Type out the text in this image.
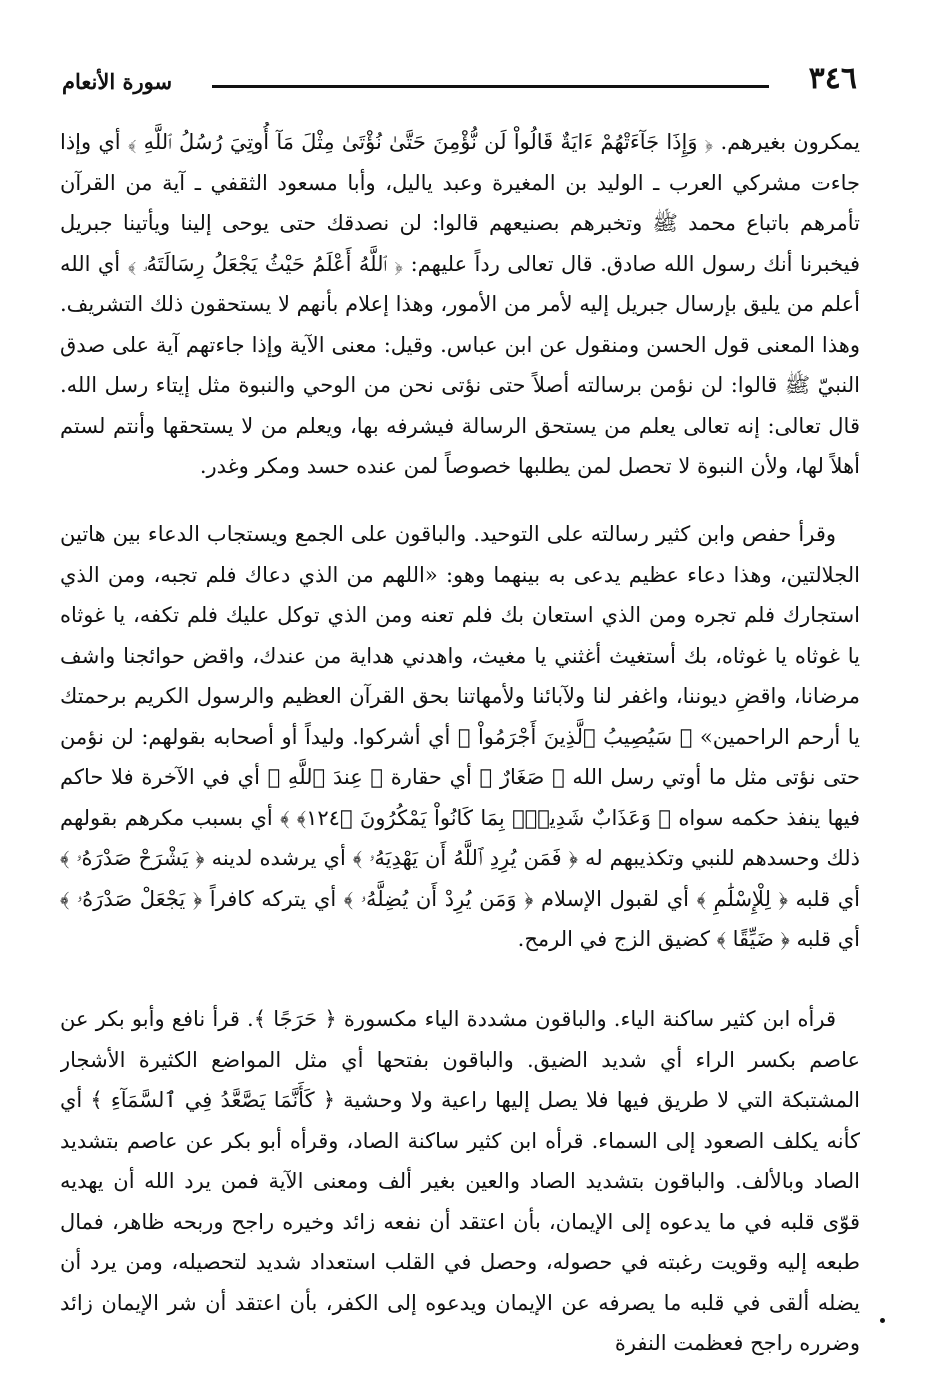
٣٤٦
سورة الأنعام

يمكرون بغيرهم. ﴿ وَإِذَا جَآءَتْهُمْ ءَايَةٌ قَالُواْ لَن نُّؤْمِنَ حَتَّىٰ نُؤْتَىٰ مِثْلَ مَآ أُوتِيَ رُسُلُ ٱللَّهِ ﴾ أي وإذا جاءت مشركي العرب ـ الوليد بن المغيرة وعبد ياليل، وأبا مسعود الثقفي ـ آية من القرآن تأمرهم باتباع محمد ﷺ وتخبرهم بصنيعهم قالوا: لن نصدقك حتى يوحى إلينا ويأتينا جبريل فيخبرنا أنك رسول الله صادق. قال تعالى رداً عليهم: ﴿ ٱللَّهُ أَعْلَمُ حَيْثُ يَجْعَلُ رِسَالَتَهُۥ ﴾ أي الله أعلم من يليق بإرسال جبريل إليه لأمر من الأمور، وهذا إعلام بأنهم لا يستحقون ذلك التشريف. وهذا المعنى قول الحسن ومنقول عن ابن عباس. وقيل: معنى الآية وإذا جاءتهم آية على صدق النبيّ ﷺ قالوا: لن نؤمن برسالته أصلاً حتى نؤتى نحن من الوحي والنبوة مثل إيتاء رسل الله. قال تعالى: إنه تعالى يعلم من يستحق الرسالة فيشرفه بها، ويعلم من لا يستحقها وأنتم لستم أهلاً لها، ولأن النبوة لا تحصل لمن يطلبها خصوصاً لمن عنده حسد ومكر وغدر.

وقرأ حفص وابن كثير رسالته على التوحيد. والباقون على الجمع ويستجاب الدعاء بين هاتين الجلالتين، وهذا دعاء عظيم يدعى به بينهما وهو: «اللهم من الذي دعاك فلم تجبه، ومن الذي استجارك فلم تجره ومن الذي استعان بك فلم تعنه ومن الذي توكل عليك فلم تكفه، يا غوثاه يا غوثاه يا غوثاه، بك أستغيث أغثني يا مغيث، واهدني هداية من عندك، واقض حوائجنا واشف مرضانا، واقضِ ديوننا، واغفر لنا ولآبائنا ولأمهاتنا بحق القرآن العظيم والرسول الكريم برحمتك يا أرحم الراحمين» ﴿ سَيُصِيبُ ٱلَّذِينَ أَجْرَمُواْ ﴾ أي أشركوا. وليداً أو أصحابه بقولهم: لن نؤمن حتى نؤتى مثل ما أوتي رسل الله ﴿ صَغَارٌ ﴾ أي حقارة ﴿ عِندَ ٱللَّهِ ﴾ أي في الآخرة فلا حاكم فيها ينفذ حكمه سواه ﴿ وَعَذَابٌ شَدِيدٌۢ بِمَا كَانُواْ يَمْكُرُونَ ﴿١٢٤﴾ ﴾ أي بسبب مكرهم بقولهم ذلك وحسدهم للنبي وتكذيبهم له ﴿ فَمَن يُرِدِ ٱللَّهُ أَن يَهْدِيَهُۥ ﴾ أي يرشده لدينه ﴿ يَشْرَحْ صَدْرَهُۥ ﴾ أي قلبه ﴿ لِلْإِسْلَٰمِ ﴾ أي لقبول الإسلام ﴿ وَمَن يُرِدْ أَن يُضِلَّهُۥ ﴾ أي يتركه كافراً ﴿ يَجْعَلْ صَدْرَهُۥ ﴾ أي قلبه ﴿ ضَيِّقًا ﴾ كضيق الزج في الرمح.

قرأه ابن كثير ساكنة الياء. والباقون مشددة الياء مكسورة ﴿ حَرَجًا ﴾. قرأ نافع وأبو بكر عن عاصم بكسر الراء أي شديد الضيق. والباقون بفتحها أي مثل المواضع الكثيرة الأشجار المشتبكة التي لا طريق فيها فلا يصل إليها راعية ولا وحشية ﴿ كَأَنَّمَا يَصَّعَّدُ فِي ٱلسَّمَآءِ ﴾ أي كأنه يكلف الصعود إلى السماء. قرأه ابن كثير ساكنة الصاد، وقرأه أبو بكر عن عاصم بتشديد الصاد وبالألف. والباقون بتشديد الصاد والعين بغير ألف ومعنى الآية فمن يرد الله أن يهديه قوّى قلبه في ما يدعوه إلى الإيمان، بأن اعتقد أن نفعه زائد وخيره راجح وربحه ظاهر، فمال طبعه إليه وقويت رغبته في حصوله، وحصل في القلب استعداد شديد لتحصيله، ومن يرد أن يضله ألقى في قلبه ما يصرفه عن الإيمان ويدعوه إلى الكفر، بأن اعتقد أن شر الإيمان زائد وضرره راجح فعظمت النفرة
